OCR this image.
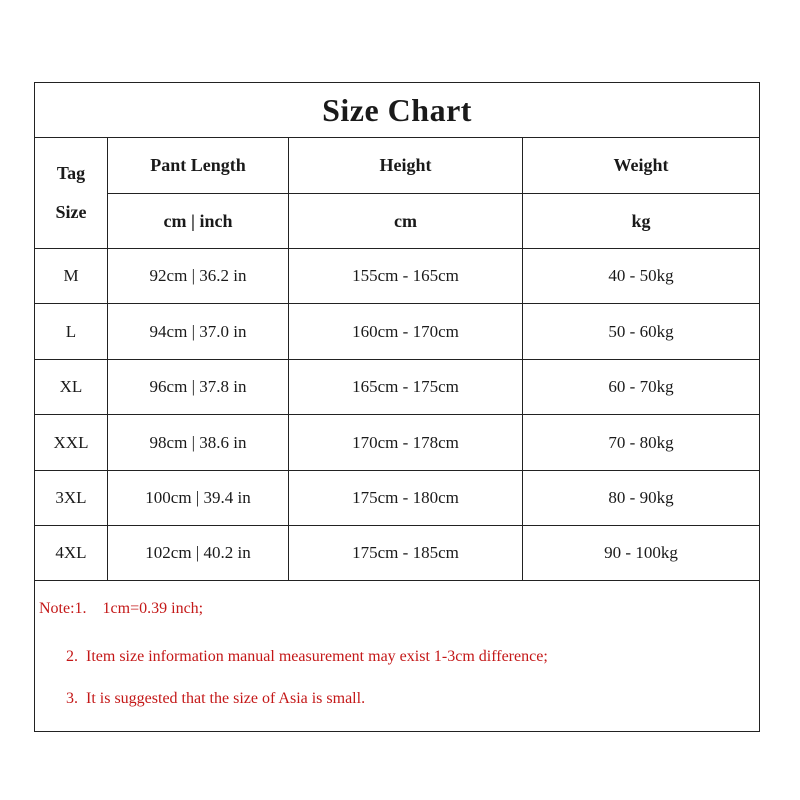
Size Chart
Tag
Size
Pant Length	Height	Weight
cm | inch	cm	kg
M	92cm | 36.2 in	155cm - 165cm	40 - 50kg
L	94cm | 37.0 in	160cm - 170cm	50 - 60kg
XL	96cm | 37.8 in	165cm - 175cm	60 - 70kg
XXL	98cm | 38.6 in	170cm - 178cm	70 - 80kg
3XL	100cm | 39.4 in	175cm - 180cm	80 - 90kg
4XL	102cm | 40.2 in	175cm - 185cm	90 - 100kg
Note:1.    1cm=0.39 inch;
2.  Item size information manual measurement may exist 1-3cm difference;
3.  It is suggested that the size of Asia is small.
